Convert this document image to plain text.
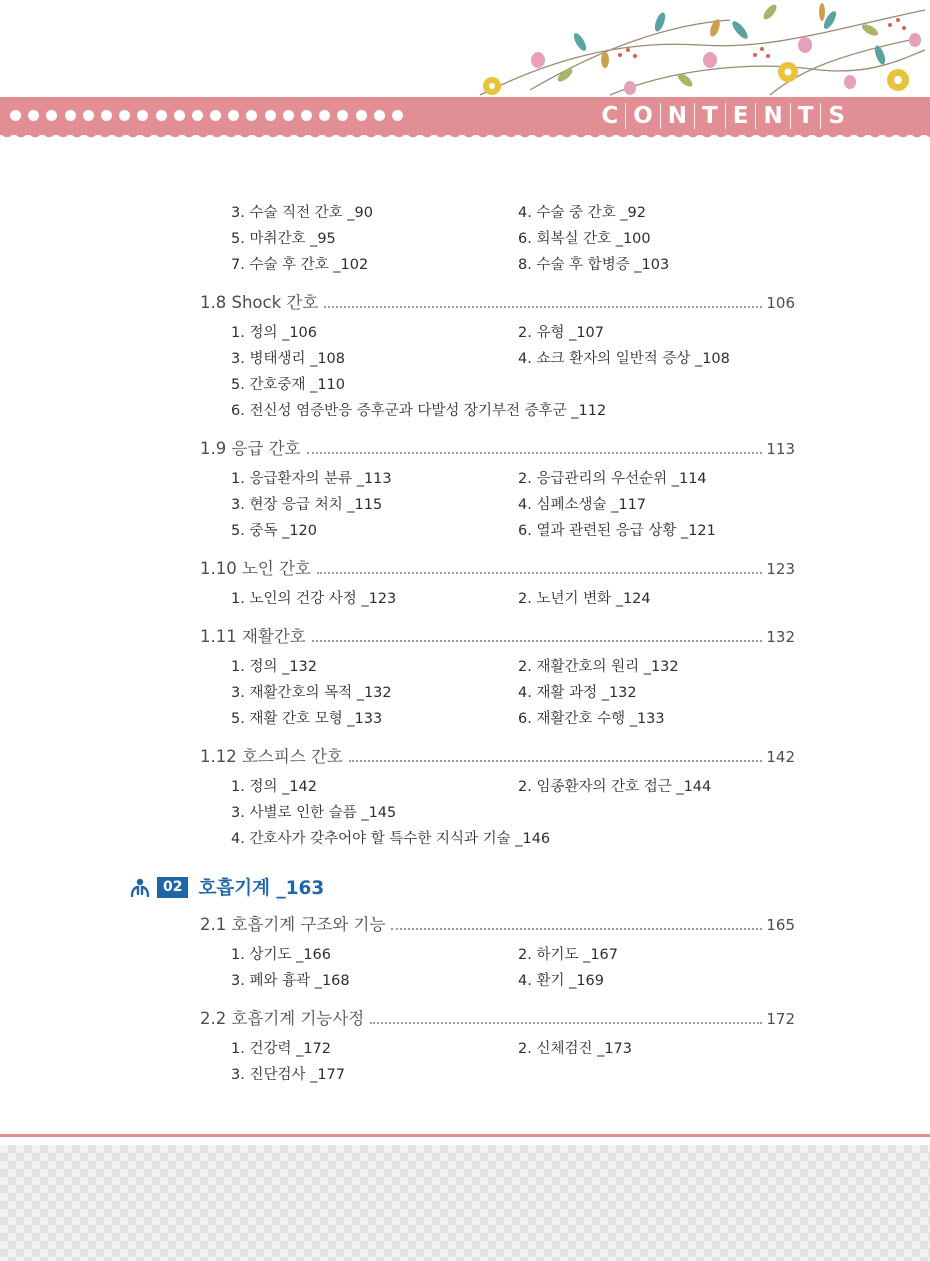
C O N T E N T S
3. 수술 직전 간호 _90	4. 수술 중 간호 _92
5. 마취간호 _95	6. 회복실 간호 _100
7. 수술 후 간호 _102	8. 수술 후 합병증 _103
1.8 Shock 간호	106
1. 정의 _106	2. 유형 _107
3. 병태생리 _108	4. 쇼크 환자의 일반적 증상 _108
5. 간호중재 _110
6. 전신성 염증반응 증후군과 다발성 장기부전 증후군 _112
1.9 응급 간호	113
1. 응급환자의 분류 _113	2. 응급관리의 우선순위 _114
3. 현장 응급 처치 _115	4. 심폐소생술 _117
5. 중독 _120	6. 열과 관련된 응급 상황 _121
1.10 노인 간호	123
1. 노인의 건강 사정 _123	2. 노년기 변화 _124
1.11 재활간호	132
1. 정의 _132	2. 재활간호의 원리 _132
3. 재활간호의 목적 _132	4. 재활 과정 _132
5. 재활 간호 모형 _133	6. 재활간호 수행 _133
1.12 호스피스 간호	142
1. 정의 _142	2. 임종환자의 간호 접근 _144
3. 사별로 인한 슬픔 _145
4. 간호사가 갖추어야 할 특수한 지식과 기술 _146
2.1 호흡기계 구조와 기능	165
1. 상기도 _166	2. 하기도 _167
3. 폐와 흉곽 _168	4. 환기 _169
2.2 호흡기계 기능사정	172
1. 건강력 _172	2. 신체검진 _173
3. 진단검사 _177
02 호흡기계 _163
